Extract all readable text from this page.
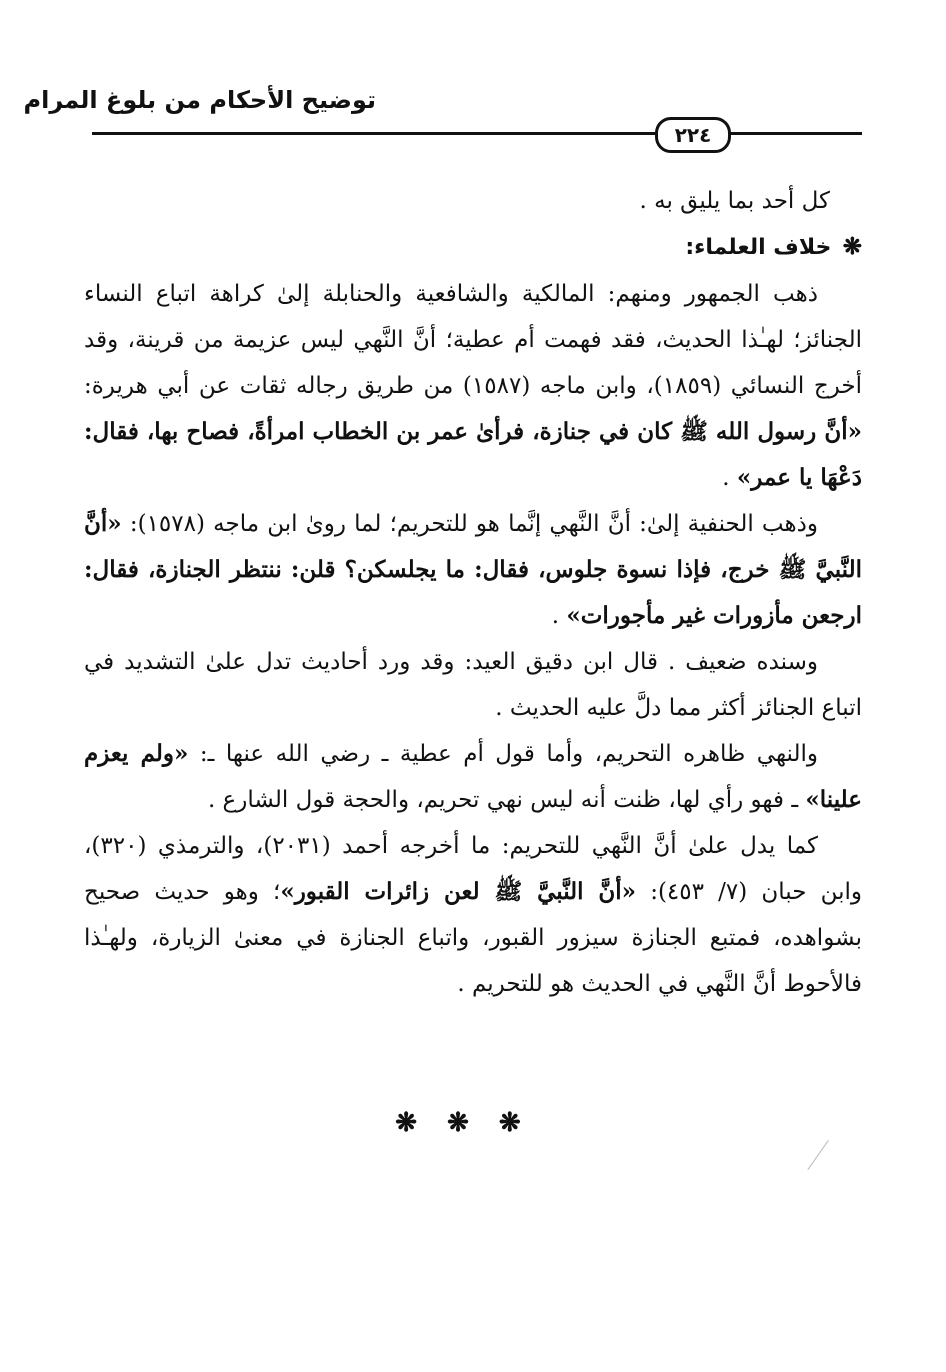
توضيح الأحكام من بلوغ المرام
٢٢٤

كل أحد بما يليق به .

❋ خلاف العلماء:

ذهب الجمهور ومنهم: المالكية والشافعية والحنابلة إلىٰ كراهة اتباع النساء الجنائز؛ لهـٰذا الحديث، فقد فهمت أم عطية؛ أنَّ النَّهي ليس عزيمة من قرينة، وقد أخرج النسائي (١٨٥٩)، وابن ماجه (١٥٨٧) من طريق رجاله ثقات عن أبي هريرة: «أنَّ رسول الله ﷺ كان في جنازة، فرأىٰ عمر بن الخطاب امرأةً، فصاح بها، فقال: دَعْهَا يا عمر» .

وذهب الحنفية إلىٰ: أنَّ النَّهي إنَّما هو للتحريم؛ لما روىٰ ابن ماجه (١٥٧٨): «أنَّ النَّبيَّ ﷺ خرج، فإذا نسوة جلوس، فقال: ما يجلسكن؟ قلن: ننتظر الجنازة، فقال: ارجعن مأزورات غير مأجورات» .

وسنده ضعيف . قال ابن دقيق العيد: وقد ورد أحاديث تدل علىٰ التشديد في اتباع الجنائز أكثر مما دلَّ عليه الحديث .

والنهي ظاهره التحريم، وأما قول أم عطية ـ رضي الله عنها ـ: «ولم يعزم علينا» ـ فهو رأي لها، ظنت أنه ليس نهي تحريم، والحجة قول الشارع .

كما يدل علىٰ أنَّ النَّهي للتحريم: ما أخرجه أحمد (٢٠٣١)، والترمذي (٣٢٠)، وابن حبان (٧/ ٤٥٣): «أنَّ النَّبيَّ ﷺ لعن زائرات القبور»؛ وهو حديث صحيح بشواهده، فمتبع الجنازة سيزور القبور، واتباع الجنازة في معنىٰ الزيارة، ولهـٰذا فالأحوط أنَّ النَّهي في الحديث هو للتحريم .

❋❋❋
